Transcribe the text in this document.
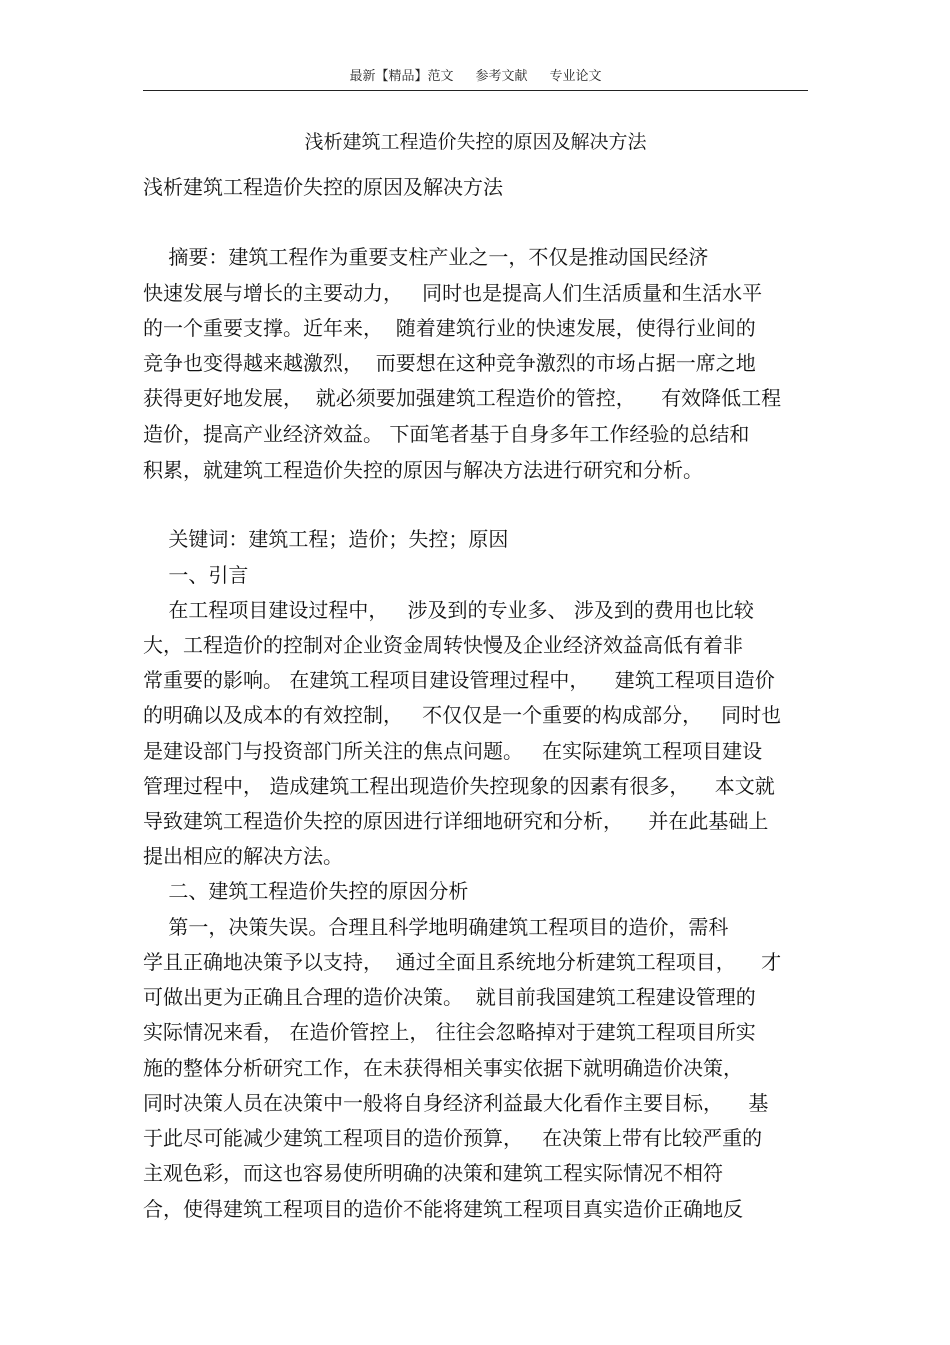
最新【精品】范文 参考文献 专业论文
浅析建筑工程造价失控的原因及解决方法
浅析建筑工程造价失控的原因及解决方法
摘要：建筑工程作为重要支柱产业之一，不仅是推动国民经济
快速发展与增长的主要动力，   同时也是提高人们生活质量和生活水平
的一个重要支撑。近年来，  随着建筑行业的快速发展，使得行业间的
竞争也变得越来越激烈，  而要想在这种竞争激烈的市场占据一席之地
获得更好地发展，  就必须要加强建筑工程造价的管控，    有效降低工程
造价，提高产业经济效益。 下面笔者基于自身多年工作经验的总结和
积累，就建筑工程造价失控的原因与解决方法进行研究和分析。
关键词：建筑工程；造价；失控；原因
一、引言
在工程项目建设过程中，   涉及到的专业多、 涉及到的费用也比较
大，工程造价的控制对企业资金周转快慢及企业经济效益高低有着非
常重要的影响。 在建筑工程项目建设管理过程中，    建筑工程项目造价
的明确以及成本的有效控制，   不仅仅是一个重要的构成部分，   同时也
是建设部门与投资部门所关注的焦点问题。   在实际建筑工程项目建设
管理过程中， 造成建筑工程出现造价失控现象的因素有很多，    本文就
导致建筑工程造价失控的原因进行详细地研究和分析，    并在此基础上
提出相应的解决方法。
二、建筑工程造价失控的原因分析
第一，决策失误。合理且科学地明确建筑工程项目的造价，需科
学且正确地决策予以支持，  通过全面且系统地分析建筑工程项目，    才
可做出更为正确且合理的造价决策。  就目前我国建筑工程建设管理的
实际情况来看， 在造价管控上， 往往会忽略掉对于建筑工程项目所实
施的整体分析研究工作，在未获得相关事实依据下就明确造价决策，
同时决策人员在决策中一般将自身经济利益最大化看作主要目标，    基
于此尽可能减少建筑工程项目的造价预算，   在决策上带有比较严重的
主观色彩，而这也容易使所明确的决策和建筑工程实际情况不相符
合，使得建筑工程项目的造价不能将建筑工程项目真实造价正确地反
